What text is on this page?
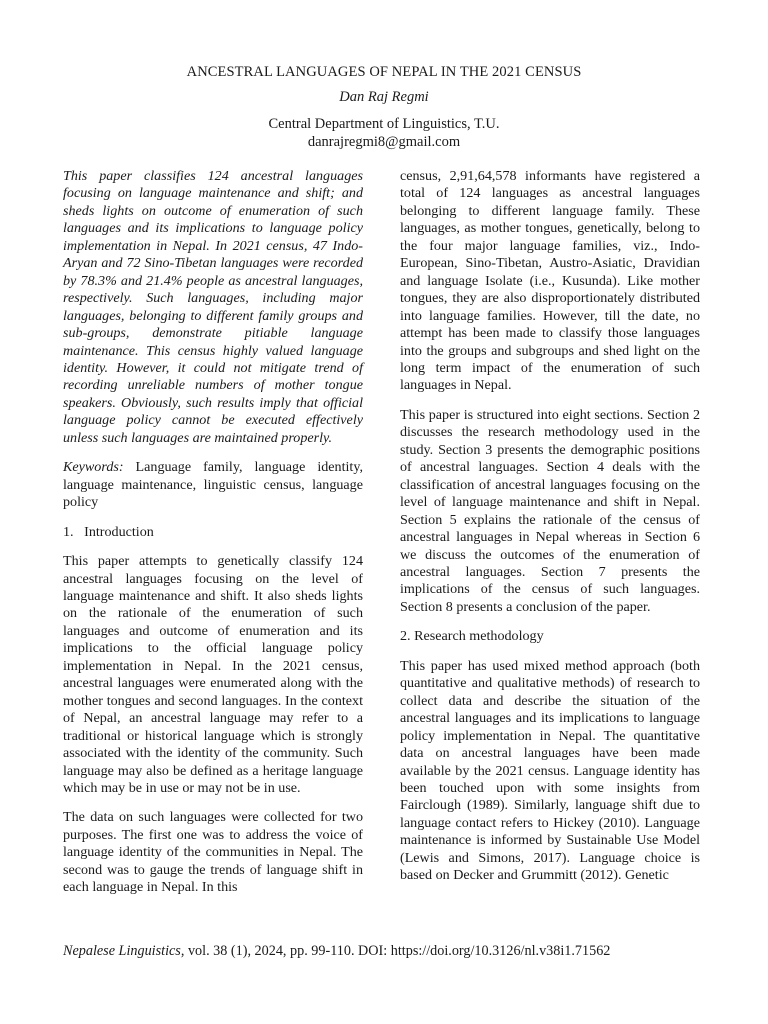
ANCESTRAL LANGUAGES OF NEPAL IN THE 2021 CENSUS
Dan Raj Regmi
Central Department of Linguistics, T.U.
danrajregmi8@gmail.com

This paper classifies 124 ancestral languages focusing on language maintenance and shift; and sheds lights on outcome of enumeration of such languages and its implications to language policy implementation in Nepal. In 2021 census, 47 Indo-Aryan and 72 Sino-Tibetan languages were recorded by 78.3% and 21.4% people as ancestral languages, respectively. Such languages, including major languages, belonging to different family groups and sub-groups, demonstrate pitiable language maintenance. This census highly valued language identity. However, it could not mitigate trend of recording unreliable numbers of mother tongue speakers. Obviously, such results imply that official language policy cannot be executed effectively unless such languages are maintained properly.

Keywords: Language family, language identity, language maintenance, linguistic census, language policy

1.   Introduction

This paper attempts to genetically classify 124 ancestral languages focusing on the level of language maintenance and shift. It also sheds lights on the rationale of the enumeration of such languages and outcome of enumeration and its implications to the official language policy implementation in Nepal. In the 2021 census, ancestral languages were enumerated along with the mother tongues and second languages. In the context of Nepal, an ancestral language may refer to a traditional or historical language which is strongly associated with the identity of the community. Such language may also be defined as a heritage language which may be in use or may not be in use.

The data on such languages were collected for two purposes. The first one was to address the voice of language identity of the communities in Nepal. The second was to gauge the trends of language shift in each language in Nepal. In this

census, 2,91,64,578 informants have registered a total of 124 languages as ancestral languages belonging to different language family. These languages, as mother tongues, genetically, belong to the four major language families, viz., Indo-European, Sino-Tibetan, Austro-Asiatic, Dravidian and language Isolate (i.e., Kusunda). Like mother tongues, they are also disproportionately distributed into language families. However, till the date, no attempt has been made to classify those languages into the groups and subgroups and shed light on the long term impact of the enumeration of such languages in Nepal.

This paper is structured into eight sections. Section 2 discusses the research methodology used in the study. Section 3 presents the demographic positions of ancestral languages. Section 4 deals with the classification of ancestral languages focusing on the level of language maintenance and shift in Nepal. Section 5 explains the rationale of the census of ancestral languages in Nepal whereas in Section 6 we discuss the outcomes of the enumeration of ancestral languages. Section 7 presents the implications of the census of such languages. Section 8 presents a conclusion of the paper.

2. Research methodology

This paper has used mixed method approach (both quantitative and qualitative methods) of research to collect data and describe the situation of the ancestral languages and its implications to language policy implementation in Nepal. The quantitative data on ancestral languages have been made available by the 2021 census. Language identity has been touched upon with some insights from Fairclough (1989). Similarly, language shift due to language contact refers to Hickey (2010). Language maintenance is informed by Sustainable Use Model (Lewis and Simons, 2017). Language choice is based on Decker and Grummitt (2012). Genetic

Nepalese Linguistics, vol. 38 (1), 2024, pp. 99-110. DOI: https://doi.org/10.3126/nl.v38i1.71562
